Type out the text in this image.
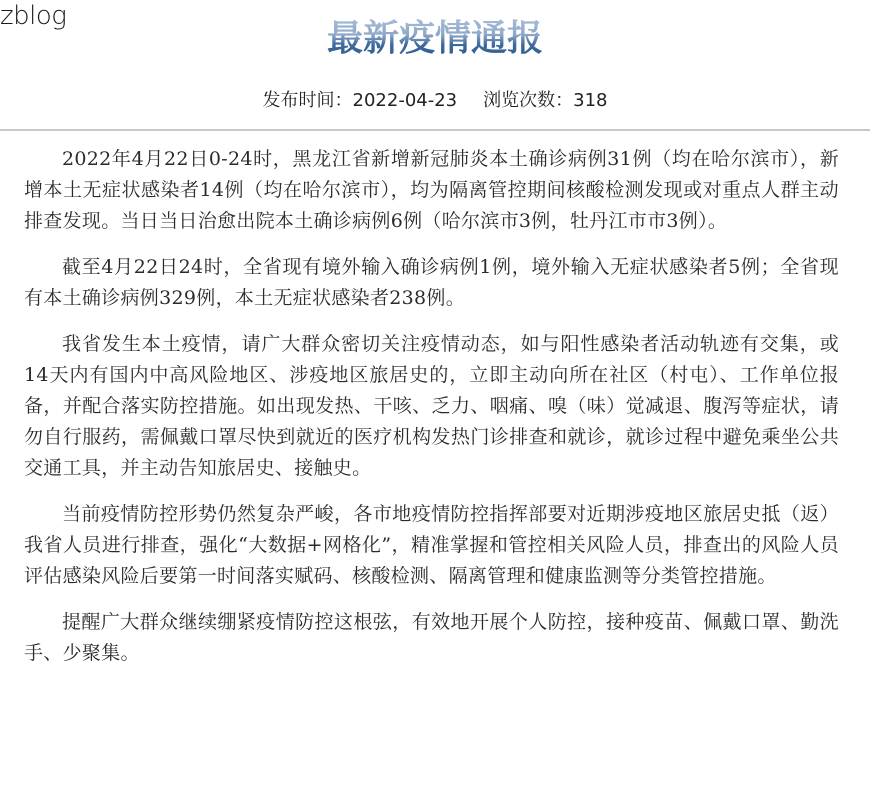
最新疫情通报
发布时间：2022-04-23 浏览次数：318

2022年4月22日0-24时，黑龙江省新增新冠肺炎本土确诊病例31例（均在哈尔滨市），新增本土无症状感染者14例（均在哈尔滨市），均为隔离管控期间核酸检测发现或对重点人群主动排查发现。当日当日治愈出院本土确诊病例6例（哈尔滨市3例，牡丹江市市3例）。

截至4月22日24时，全省现有境外输入确诊病例1例，境外输入无症状感染者5例；全省现有本土确诊病例329例，本土无症状感染者238例。

我省发生本土疫情，请广大群众密切关注疫情动态，如与阳性感染者活动轨迹有交集，或14天内有国内中高风险地区、涉疫地区旅居史的，立即主动向所在社区（村屯）、工作单位报备，并配合落实防控措施。如出现发热、干咳、乏力、咽痛、嗅（味）觉减退、腹泻等症状，请勿自行服药，需佩戴口罩尽快到就近的医疗机构发热门诊排查和就诊，就诊过程中避免乘坐公共交通工具，并主动告知旅居史、接触史。

当前疫情防控形势仍然复杂严峻，各市地疫情防控指挥部要对近期涉疫地区旅居史抵（返）我省人员进行排查，强化“大数据+网格化”，精准掌握和管控相关风险人员，排查出的风险人员评估感染风险后要第一时间落实赋码、核酸检测、隔离管理和健康监测等分类管控措施。

提醒广大群众继续绷紧疫情防控这根弦，有效地开展个人防控，接种疫苗、佩戴口罩、勤洗手、少聚集。
